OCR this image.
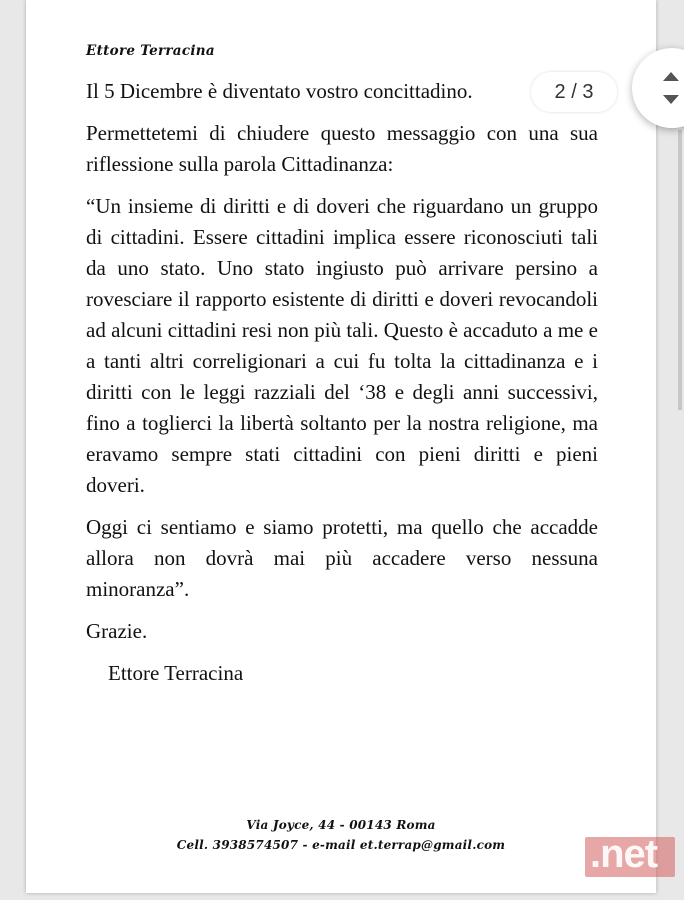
Ettore Terracina

Il 5 Dicembre è diventato vostro concittadino.

Permettetemi di chiudere questo messaggio con una sua riflessione sulla parola Cittadinanza:

“Un insieme di diritti e di doveri che riguardano un gruppo di cittadini. Essere cittadini implica essere riconosciuti tali da uno stato. Uno stato ingiusto può arrivare persino a rovesciare il rapporto esistente di diritti e doveri revocandoli ad alcuni cittadini resi non più tali. Questo è accaduto a me e a tanti altri correligionari a cui fu tolta la cittadinanza e i diritti con le leggi razziali del ‘38 e degli anni successivi, fino a toglierci la libertà soltanto per la nostra religione, ma eravamo sempre stati cittadini con pieni diritti e pieni doveri.

Oggi ci sentiamo e siamo protetti, ma quello che accadde allora non dovrà mai più accadere verso nessuna minoranza”.

Grazie.

Ettore Terracina

Via Joyce, 44 - 00143 Roma
Cell. 3938574507 - e-mail et.terrap@gmail.com
2 / 3
.net
